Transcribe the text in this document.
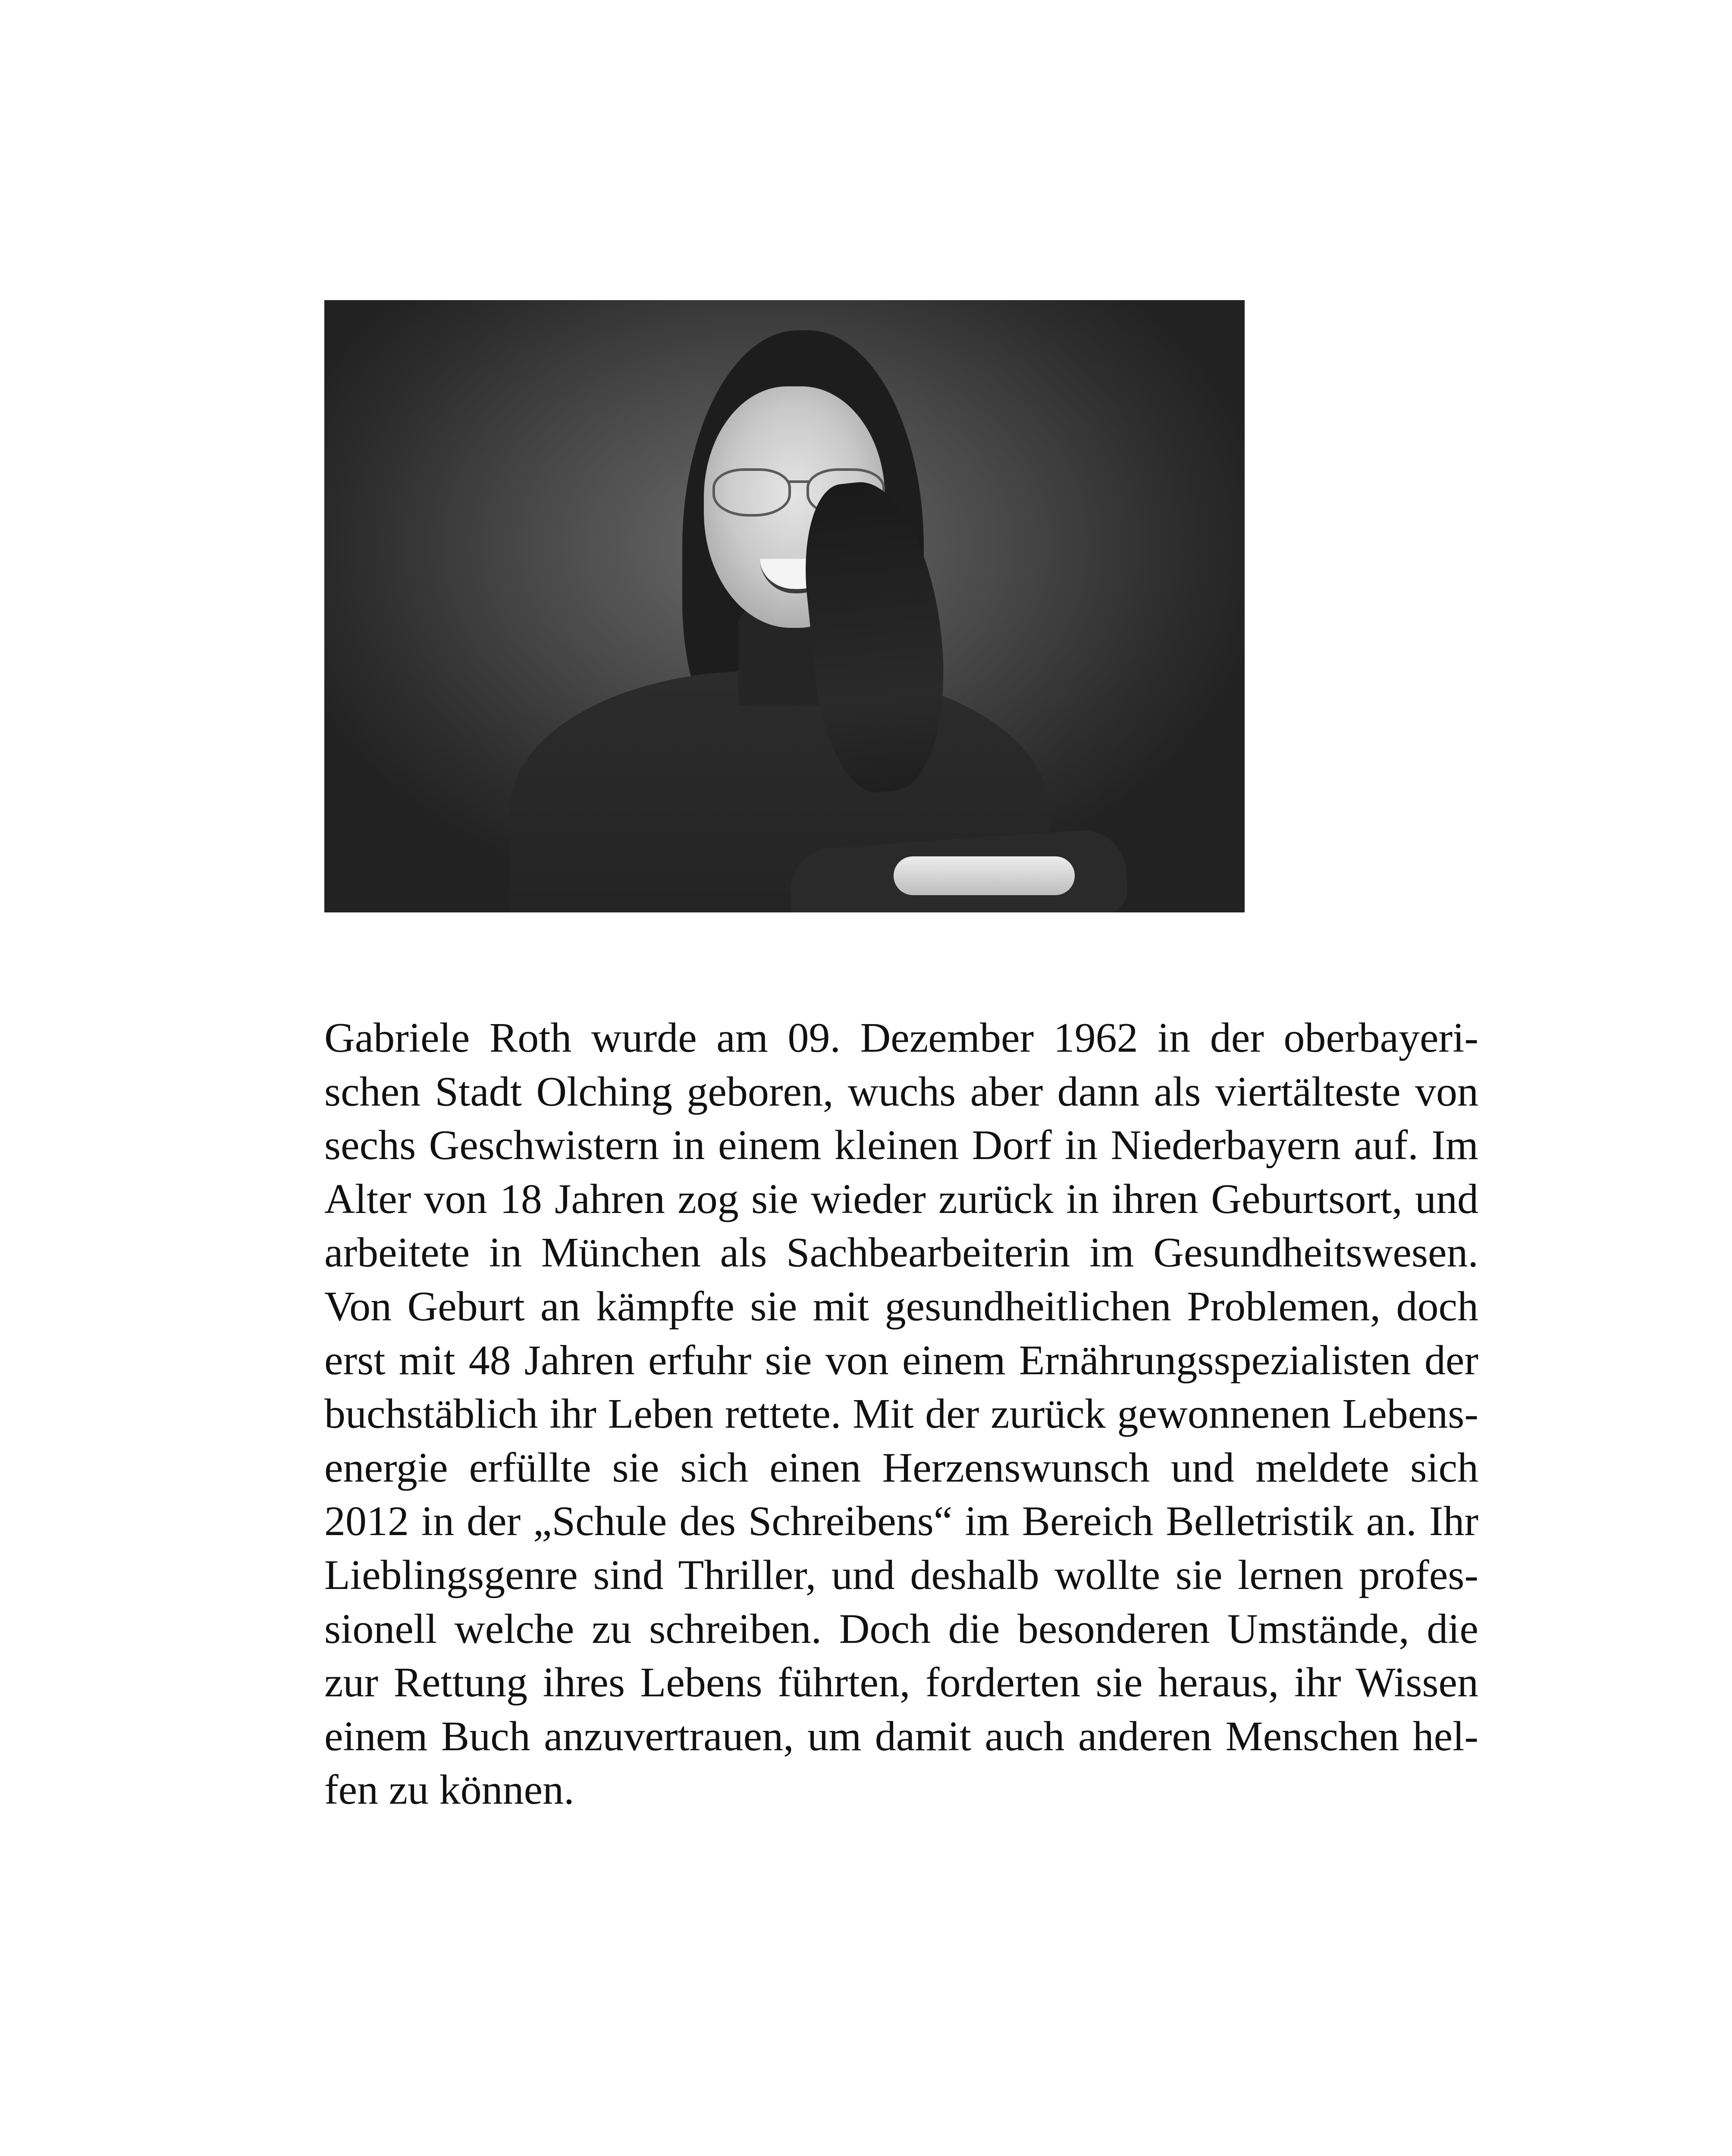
Gabriele Roth wurde am 09. Dezember 1962 in der oberbayeri-
schen Stadt Olching geboren, wuchs aber dann als viertälteste von
sechs Geschwistern in einem kleinen Dorf in Niederbayern auf. Im
Alter von 18 Jahren zog sie wieder zurück in ihren Geburtsort, und
arbeitete in München als Sachbearbeiterin im Gesundheitswesen.
Von Geburt an kämpfte sie mit gesundheitlichen Problemen, doch
erst mit 48 Jahren erfuhr sie von einem Ernährungsspezialisten der
buchstäblich ihr Leben rettete. Mit der zurück gewonnenen Lebens-
energie erfüllte sie sich einen Herzenswunsch und meldete sich
2012 in der „Schule des Schreibens“ im Bereich Belletristik an. Ihr
Lieblingsgenre sind Thriller, und deshalb wollte sie lernen profes-
sionell welche zu schreiben. Doch die besonderen Umstände, die
zur Rettung ihres Lebens führten, forderten sie heraus, ihr Wissen
einem Buch anzuvertrauen, um damit auch anderen Menschen hel-
fen zu können.
